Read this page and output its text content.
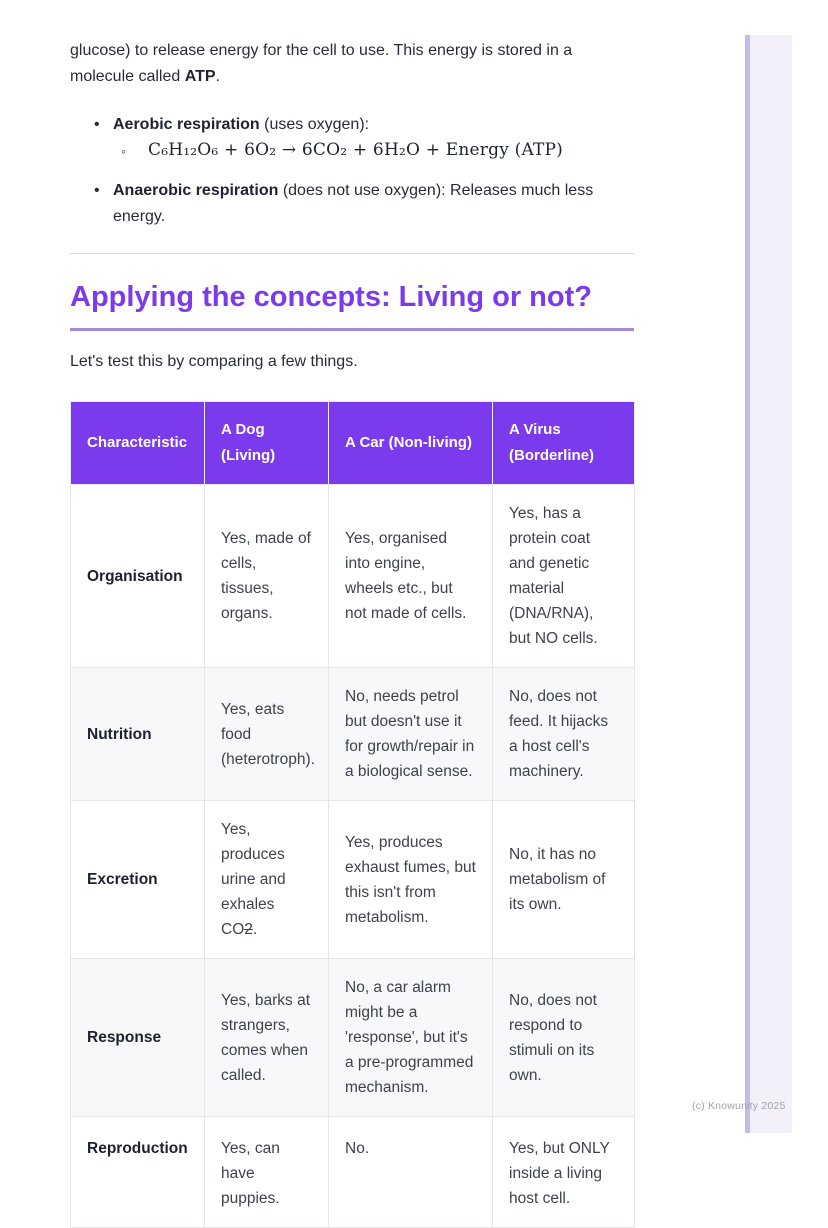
(c) Knowunity 2025

glucose) to release energy for the cell to use. This energy is stored in a molecule called ATP.

• Aerobic respiration (uses oxygen):
◦ C₆H₁₂O₆ + 6O₂ → 6CO₂ + 6H₂O + Energy (ATP)
• Anaerobic respiration (does not use oxygen): Releases much less energy.
Applying the concepts: Living or not?

Let's test this by comparing a few things.

Characteristic	A Dog (Living)	A Car (Non-living)	A Virus (Borderline)
Organisation	Yes, made of cells, tissues, organs.	Yes, organised into engine, wheels etc., but not made of cells.	Yes, has a protein coat and genetic material (DNA/RNA), but NO cells.
Nutrition	Yes, eats food (heterotroph).	No, needs petrol but doesn't use it for growth/repair in a biological sense.	No, does not feed. It hijacks a host cell's machinery.
Excretion	Yes, produces urine and exhales CO2.	Yes, produces exhaust fumes, but this isn't from metabolism.	No, it has no metabolism of its own.
Response	Yes, barks at strangers, comes when called.	No, a car alarm might be a 'response', but it's a pre-programmed mechanism.	No, does not respond to stimuli on its own.
Reproduction	Yes, can have puppies.	No.	Yes, but ONLY inside a living host cell.
